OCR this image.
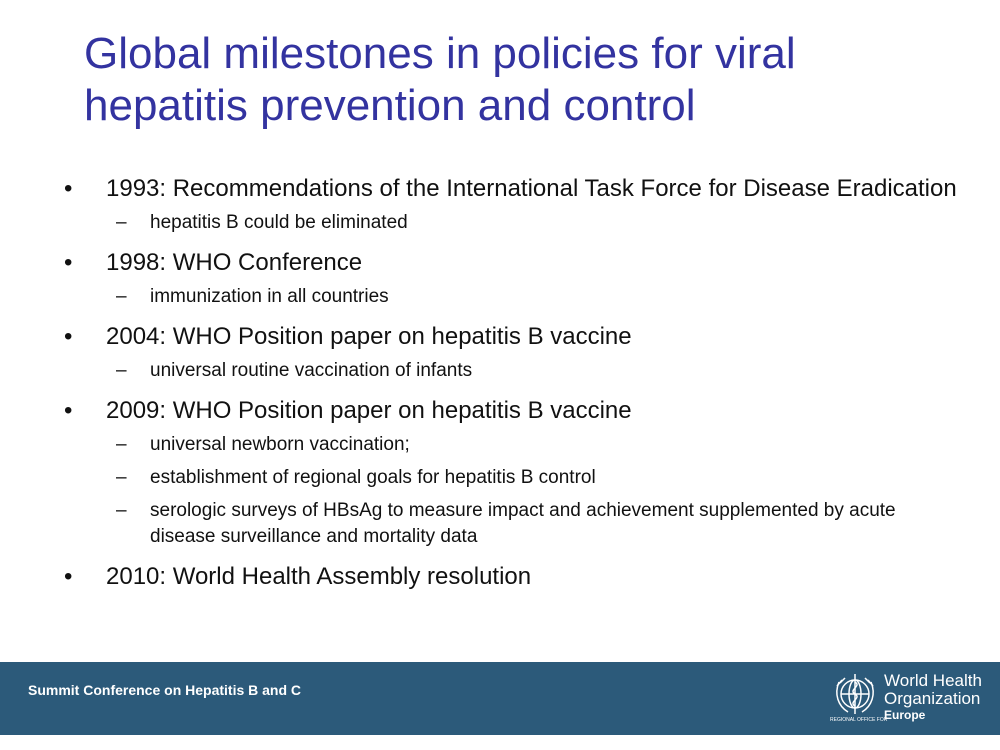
Global milestones in policies for viral
hepatitis prevention and control
•	1993: Recommendations of the International Task Force for Disease Eradication
– hepatitis B could be eliminated
•	1998: WHO Conference
– immunization in all countries
•	2004: WHO Position paper on hepatitis B vaccine
– universal routine vaccination of infants
•	2009: WHO Position paper on hepatitis B vaccine
– universal newborn vaccination;
– establishment of regional goals for hepatitis B control
– serologic surveys of HBsAg to measure impact and achievement supplemented by acute disease surveillance and mortality data
•	2010: World Health Assembly resolution
Summit Conference on Hepatitis B and C	World Health
Organization
Europe
REGIONAL OFFICE FOR
